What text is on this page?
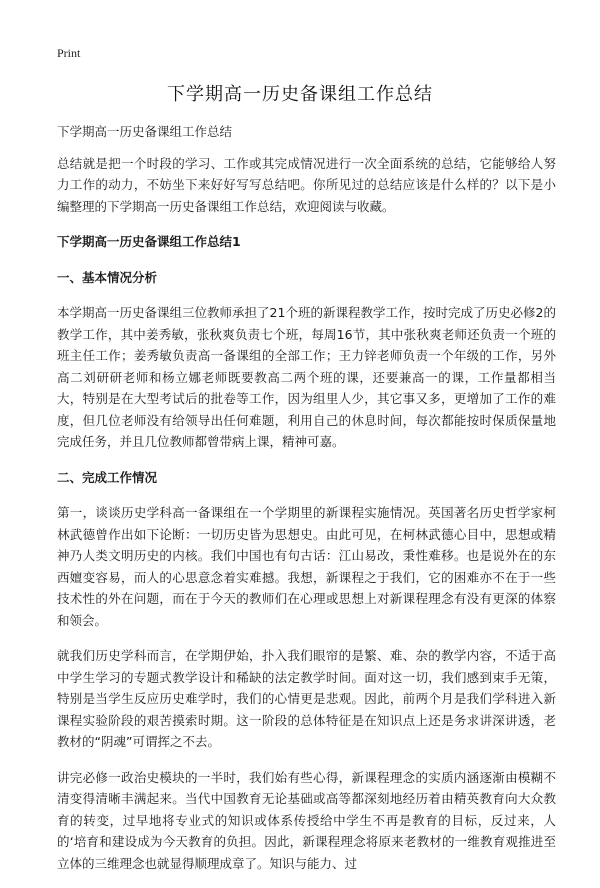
Print
下学期高一历史备课组工作总结

下学期高一历史备课组工作总结

总结就是把一个时段的学习、工作或其完成情况进行一次全面系统的总结，它能够给人努力工作的动力，不妨坐下来好好写写总结吧。你所见过的总结应该是什么样的？以下是小编整理的下学期高一历史备课组工作总结，欢迎阅读与收藏。

下学期高一历史备课组工作总结1

一、基本情况分析

本学期高一历史备课组三位教师承担了21个班的新课程教学工作，按时完成了历史必修2的教学工作，其中姜秀敏，张秋爽负责七个班，每周16节，其中张秋爽老师还负责一个班的班主任工作；姜秀敏负责高一备课组的全部工作；王力锌老师负责一个年级的工作，另外高二刘研研老师和杨立娜老师既要教高二两个班的课，还要兼高一的课，工作量都相当大，特别是在大型考试后的批卷等工作，因为组里人少，其它事又多，更增加了工作的难度，但几位老师没有给领导出任何难题，利用自己的休息时间，每次都能按时保质保量地完成任务，并且几位教师都曾带病上课，精神可嘉。

二、完成工作情况

第一，谈谈历史学科高一备课组在一个学期里的新课程实施情况。英国著名历史哲学家柯林武德曾作出如下论断：一切历史皆为思想史。由此可见，在柯林武德心目中，思想或精神乃人类文明历史的内核。我们中国也有句古话：江山易改，秉性难移。也是说外在的东西嬗变容易，而人的心思意念着实难撼。我想，新课程之于我们，它的困难亦不在于一些技术性的外在问题，而在于今天的教师们在心理或思想上对新课程理念有没有更深的体察和领会。

就我们历史学科而言，在学期伊始，扑入我们眼帘的是繁、难、杂的教学内容，不适于高中学生学习的专题式教学设计和稀缺的法定教学时间。面对这一切，我们感到束手无策，特别是当学生反应历史难学时，我们的心情更是悲观。因此，前两个月是我们学科进入新课程实验阶段的艰苦摸索时期。这一阶段的总体特征是在知识点上还是务求讲深讲透，老教材的“阴魂”可谓挥之不去。

讲完必修一政治史模块的一半时，我们始有些心得，新课程理念的实质内涵逐渐由模糊不清变得清晰丰满起来。当代中国教育无论基础或高等都深刻地经历着由精英教育向大众教育的转变，过早地将专业式的知识或体系传授给中学生不再是教育的目标，反过来，人的‘培育和建设成为今天教育的负担。因此，新课程理念将原来老教材的一维教育观推进至立体的三维理念也就显得顺理成章了。知识与能力、过
